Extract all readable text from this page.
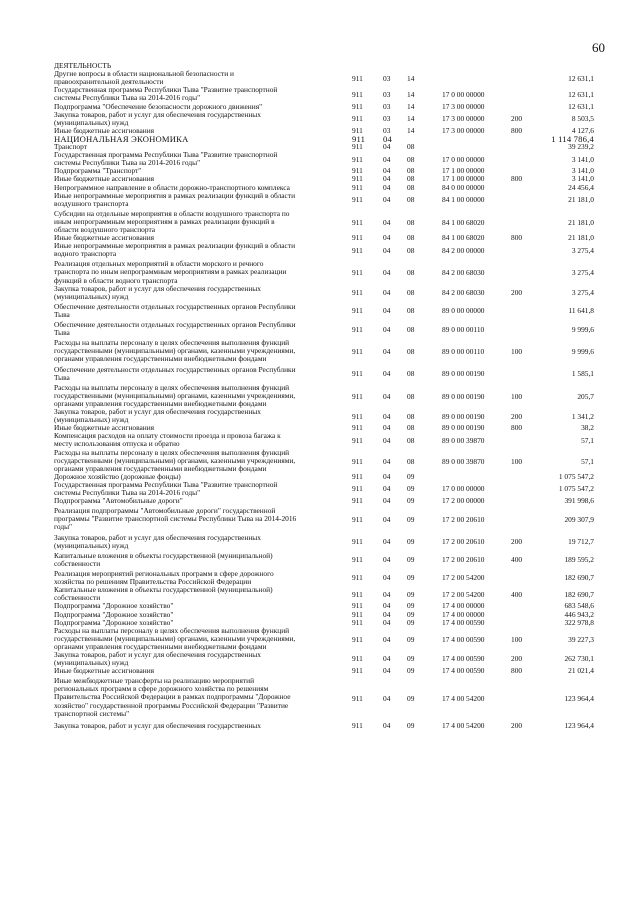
60
ДЕЯТЕЛЬНОСТЬ
Другие вопросы в области национальной безопасности и
правоохранительной деятельности	911	03 14	12 631,1
Государственная программа Республики Тыва "Развитие транспортной
системы Республики Тыва на 2014-2016 годы"	911	03 14	17 0 00 00000	12 631,1
Подпрограмма "Обеспечение безопасности дорожного движения"	911	03 14	17 3 00 00000	12 631,1
Закупка товаров, работ и услуг для обеспечения государственных
(муниципальных) нужд	911	03 14	17 3 00 00000	200	8 503,5
Иные бюджетные ассигнования	911	03 14	17 3 00 00000	800	4 127,6
НАЦИОНАЛЬНАЯ ЭКОНОМИКА	911 04	1 114 786,4
Транспорт	911	04 08	39 239,2
Государственная программа Республики Тыва "Развитие транспортной
системы Республики Тыва на 2014-2016 годы"	911	04 08	17 0 00 00000	3 141,0
Подпрограмма "Транспорт"	911	04 08	17 1 00 00000	3 141,0
Иные бюджетные ассигнования	911	04 08	17 1 00 00000	800	3 141,0
Непрограммное направление в области дорожно-транспортного комплекса	911	04 08	84 0 00 00000	24 456,4
Иные непрограммные мероприятия в рамках реализации функций в области
воздушного транспорта	911	04 08	84 1 00 00000	21 181,0
Субсидии на отдельные мероприятия в области воздушного транспорта по
иным непрограммным мероприятиям в рамках реализации функций в
области воздушного транспорта
911	04 08	84 1 00 68020	21 181,0
Иные бюджетные ассигнования	911	04 08	84 1 00 68020	800	21 181,0
Иные непрограммные мероприятия в рамках реализации функций в области
водного транспорта	911	04 08	84 2 00 00000	3 275,4
Реализация отдельных мероприятий в области морского и речного
транспорта по иным непрограммным мероприятиям в рамках реализации
функций в области водного транспорта
911	04 08	84 2 00 68030	3 275,4
Закупка товаров, работ и услуг для обеспечения государственных
(муниципальных) нужд	911	04 08	84 2 00 68030	200	3 275,4
Обеспечение деятельности отдельных государственных органов Республики
Тыва	911	04 08	89 0 00 00000	11 641,8
Обеспечение деятельности отдельных государственных органов Республики
Тыва	911	04 08	89 0 00 00110	9 999,6
Расходы на выплаты персоналу в целях обеспечения выполнения функций
государственными (муниципальными) органами, казенными учреждениями,
органами управления государственными внебюджетными фондами
911	04 08	89 0 00 00110	100	9 999,6
Обеспечение деятельности отдельных государственных органов Республики
Тыва	911	04 08	89 0 00 00190	1 585,1
Расходы на выплаты персоналу в целях обеспечения выполнения функций
государственными (муниципальными) органами, казенными учреждениями,
органами управления государственными внебюджетными фондами
911	04 08	89 0 00 00190	100	205,7
Закупка товаров, работ и услуг для обеспечения государственных
(муниципальных) нужд	911	04 08	89 0 00 00190	200	1 341,2
Иные бюджетные ассигнования	911	04 08	89 0 00 00190	800	38,2
Компенсация расходов на оплату стоимости проезда и провоза багажа к
месту использования отпуска и обратно	911	04 08	89 0 00 39870	57,1
Расходы на выплаты персоналу в целях обеспечения выполнения функций
государственными (муниципальными) органами, казенными учреждениями,
органами управления государственными внебюджетными фондами
911	04 08	89 0 00 39870	100	57,1
Дорожное хозяйство (дорожные фонды)	911	04 09	1 075 547,2
Государственная программа Республики Тыва "Развитие транспортной
системы Республики Тыва на 2014-2016 годы"	911	04 09	17 0 00 00000	1 075 547,2
Подпрограмма "Автомобильные дороги"	911	04 09	17 2 00 00000	391 998,6
Реализация подпрограммы "Автомобильные дороги" государственной
программы "Развитие транспортной системы Республики Тыва на 2014-2016
годы"
911	04 09	17 2 00 20610	209 307,9
Закупка товаров, работ и услуг для обеспечения государственных
(муниципальных) нужд	911	04 09	17 2 00 20610	200	19 712,7
Капитальные вложения в объекты государственной (муниципальной)
собственности	911	04 09	17 2 00 20610	400	189 595,2
Реализация мероприятий региональных программ в сфере дорожного
хозяйства по решениям Правительства Российской Федерации	911	04 09	17 2 00 54200	182 690,7
Капитальные вложения в объекты государственной (муниципальной)
собственности	911	04 09	17 2 00 54200	400	182 690,7
Подпрограмма "Дорожное хозяйство"	911	04 09	17 4 00 00000	683 548,6
Подпрограмма "Дорожное хозяйство"	911	04 09	17 4 00 00000	446 943,2
Подпрограмма "Дорожное хозяйство"	911	04 09	17 4 00 00590	322 978,8
Расходы на выплаты персоналу в целях обеспечения выполнения функций
государственными (муниципальными) органами, казенными учреждениями,
органами управления государственными внебюджетными фондами
911	04 09	17 4 00 00590	100	39 227,3
Закупка товаров, работ и услуг для обеспечения государственных
(муниципальных) нужд	911	04 09	17 4 00 00590	200	262 730,1
Иные бюджетные ассигнования	911	04 09	17 4 00 00590	800	21 021,4
Иные межбюджетные трансферты на реализацию мероприятий
региональных программ в сфере дорожного хозяйства по решениям
Правительства Российской Федерации в рамках подпрограммы "Дорожное
хозяйство" государственной программы Российской Федерации "Развитие
транспортной системы"
911	04 09	17 4 00 54200	123 964,4
Закупка товаров, работ и услуг для обеспечения государственных	911	04 09	17 4 00 54200	200	123 964,4
